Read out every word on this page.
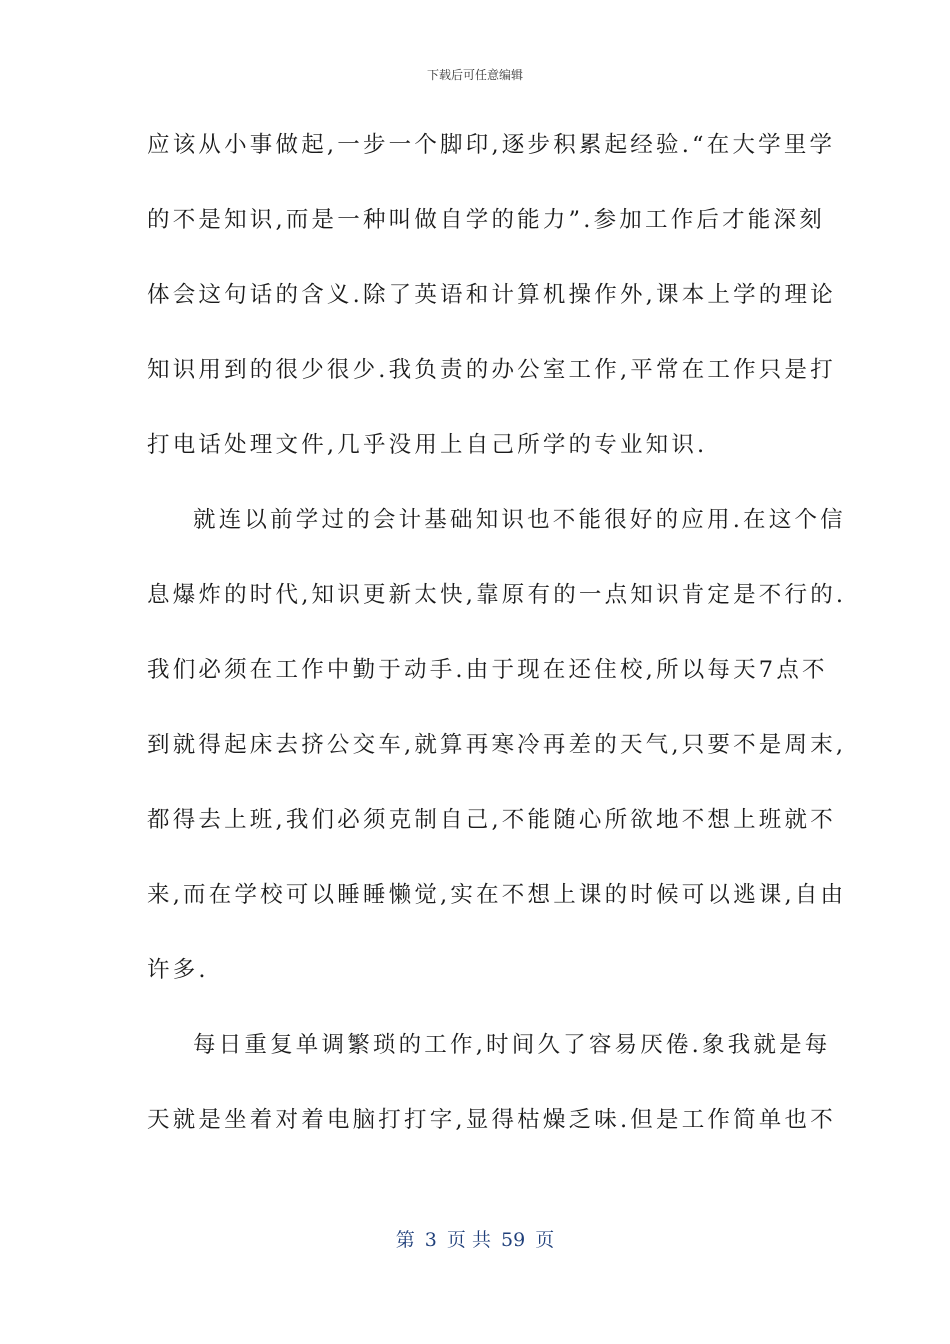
下载后可任意编辑
应该从小事做起,一步一个脚印,逐步积累起经验.“在大学里学
的不是知识,而是一种叫做自学的能力”.参加工作后才能深刻
体会这句话的含义.除了英语和计算机操作外,课本上学的理论
知识用到的很少很少.我负责的办公室工作,平常在工作只是打
打电话处理文件,几乎没用上自己所学的专业知识.
就连以前学过的会计基础知识也不能很好的应用.在这个信
息爆炸的时代,知识更新太快,靠原有的一点知识肯定是不行的.
我们必须在工作中勤于动手.由于现在还住校,所以每天7点不
到就得起床去挤公交车,就算再寒冷再差的天气,只要不是周末,
都得去上班,我们必须克制自己,不能随心所欲地不想上班就不
来,而在学校可以睡睡懒觉,实在不想上课的时候可以逃课,自由
许多.
每日重复单调繁琐的工作,时间久了容易厌倦.象我就是每
天就是坐着对着电脑打打字,显得枯燥乏味.但是工作简单也不
第 3 页 共 59 页
